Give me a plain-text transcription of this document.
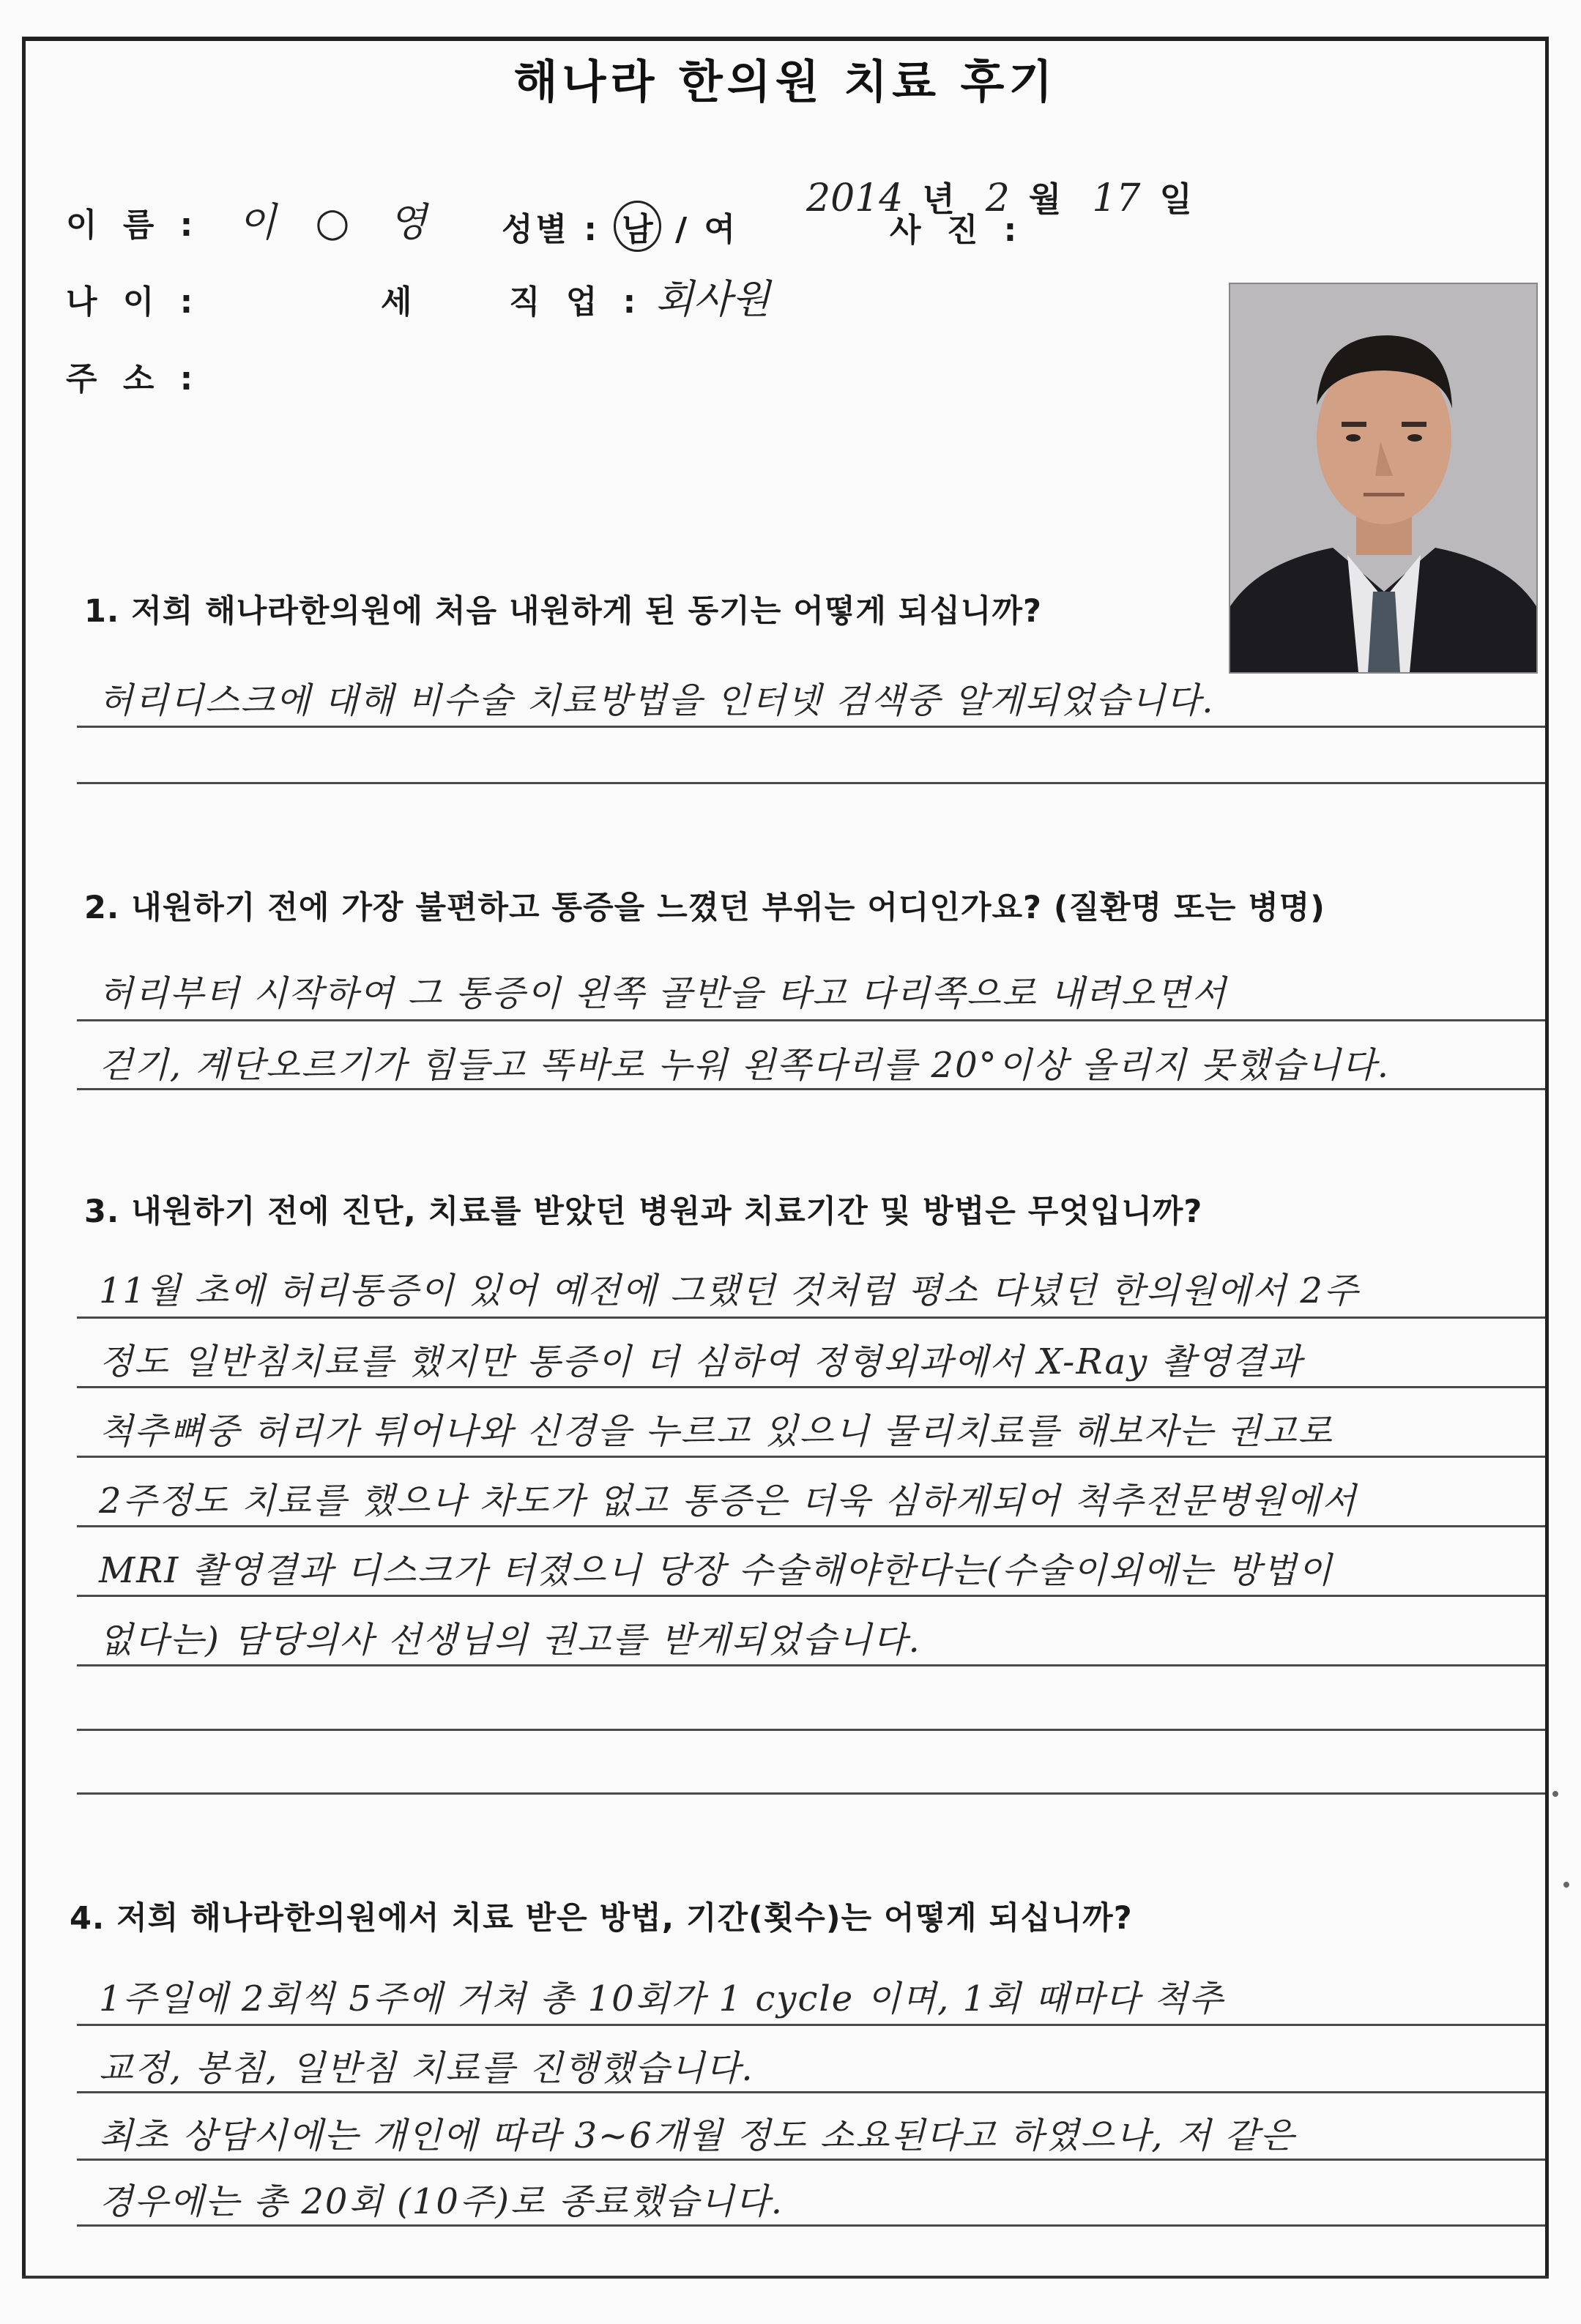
해나라 한의원 치료 후기
2014 년 2 월 17 일
이 름 : 이 ○ 영 성별 : 남 / 여	사 진 :
나 이 :	세	직 업 : 회사원
주 소 :
1. 저희 해나라한의원에 처음 내원하게 된 동기는 어떻게 되십니까?
허리디스크에 대해 비수술 치료방법을 인터넷 검색중 알게되었습니다.
2. 내원하기 전에 가장 불편하고 통증을 느꼈던 부위는 어디인가요? (질환명 또는 병명)
허리부터 시작하여 그 통증이 왼쪽 골반을 타고 다리쪽으로 내려오면서
걷기, 계단오르기가 힘들고 똑바로 누워 왼쪽다리를 20°이상 올리지 못했습니다.
3. 내원하기 전에 진단, 치료를 받았던 병원과 치료기간 및 방법은 무엇입니까?
11월 초에 허리통증이 있어 예전에 그랬던 것처럼 평소 다녔던 한의원에서 2주
정도 일반침치료를 했지만 통증이 더 심하여 정형외과에서 X-Ray 촬영결과
척추뼈중 허리가 튀어나와 신경을 누르고 있으니 물리치료를 해보자는 권고로
2주정도 치료를 했으나 차도가 없고 통증은 더욱 심하게되어 척추전문병원에서
MRI 촬영결과 디스크가 터졌으니 당장 수술해야한다는(수술이외에는 방법이
없다는) 담당의사 선생님의 권고를 받게되었습니다.
4. 저희 해나라한의원에서 치료 받은 방법, 기간(횟수)는 어떻게 되십니까?
1주일에 2회씩 5주에 거쳐 총 10회가 1 cycle 이며, 1회 때마다 척추
교정, 봉침, 일반침 치료를 진행했습니다.
최초 상담시에는 개인에 따라 3~6개월 정도 소요된다고 하였으나, 저 같은
경우에는 총 20회 (10주)로 종료했습니다.
